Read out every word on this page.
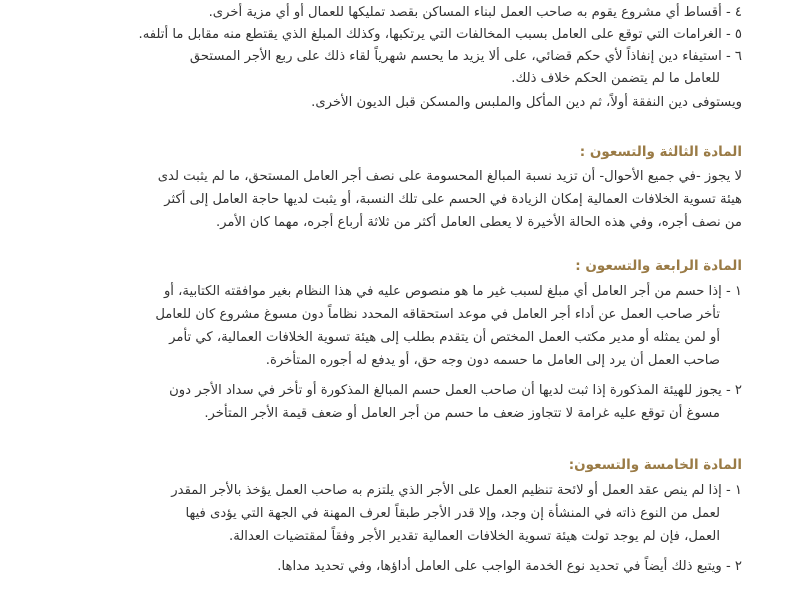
٤ - أقساط أي مشروع يقوم به صاحب العمل لبناء المساكن بقصد تمليكها للعمال أو أي مزية أخرى.
٥ - الغرامات التي توقع على العامل بسبب المخالفات التي يرتكبها، وكذلك المبلغ الذي يقتطع منه مقابل ما أتلفه.
٦ - استيفاء دين إنفاذاً لأي حكم قضائي، على ألا يزيد ما يحسم شهرياً لقاء ذلك على ربع الأجر المستحق
للعامل ما لم يتضمن الحكم خلاف ذلك.
ويستوفى دين النفقة أولاً، ثم دين المأكل والملبس والمسكن قبل الديون الأخرى.
المادة الثالثة والتسعون :
لا يجوز -في جميع الأحوال- أن تزيد نسبة المبالغ المحسومة على نصف أجر العامل المستحق، ما لم يثبت لدى
هيئة تسوية الخلافات العمالية إمكان الزيادة في الحسم على تلك النسبة، أو يثبت لديها حاجة العامل إلى أكثر
من نصف أجره، وفي هذه الحالة الأخيرة لا يعطى العامل أكثر من ثلاثة أرباع أجره، مهما كان الأمر.
المادة الرابعة والتسعون :
١ - إذا حسم من أجر العامل أي مبلغ لسبب غير ما هو منصوص عليه في هذا النظام بغير موافقته الكتابية، أو
تأخر صاحب العمل عن أداء أجر العامل في موعد استحقاقه المحدد نظاماً دون مسوغ مشروع كان للعامل
أو لمن يمثله أو مدير مكتب العمل المختص أن يتقدم بطلب إلى هيئة تسوية الخلافات العمالية، كي تأمر
صاحب العمل أن يرد إلى العامل ما حسمه دون وجه حق، أو يدفع له أجوره المتأخرة.
٢ - يجوز للهيئة المذكورة إذا ثبت لديها أن صاحب العمل حسم المبالغ المذكورة أو تأخر في سداد الأجر دون
مسوغ أن توقع عليه غرامة لا تتجاوز ضعف ما حسم من أجر العامل أو ضعف قيمة الأجر المتأخر.
المادة الخامسة والتسعون:
١ - إذا لم ينص عقد العمل أو لائحة تنظيم العمل على الأجر الذي يلتزم به صاحب العمل يؤخذ بالأجر المقدر
لعمل من النوع ذاته في المنشأة إن وجد، وإلا قدر الأجر طبقاً لعرف المهنة في الجهة التي يؤدى فيها
العمل، فإن لم يوجد تولت هيئة تسوية الخلافات العمالية تقدير الأجر وفقاً لمقتضيات العدالة.
٢ - ويتبع ذلك أيضاً في تحديد نوع الخدمة الواجب على العامل أداؤها، وفي تحديد مداها.
